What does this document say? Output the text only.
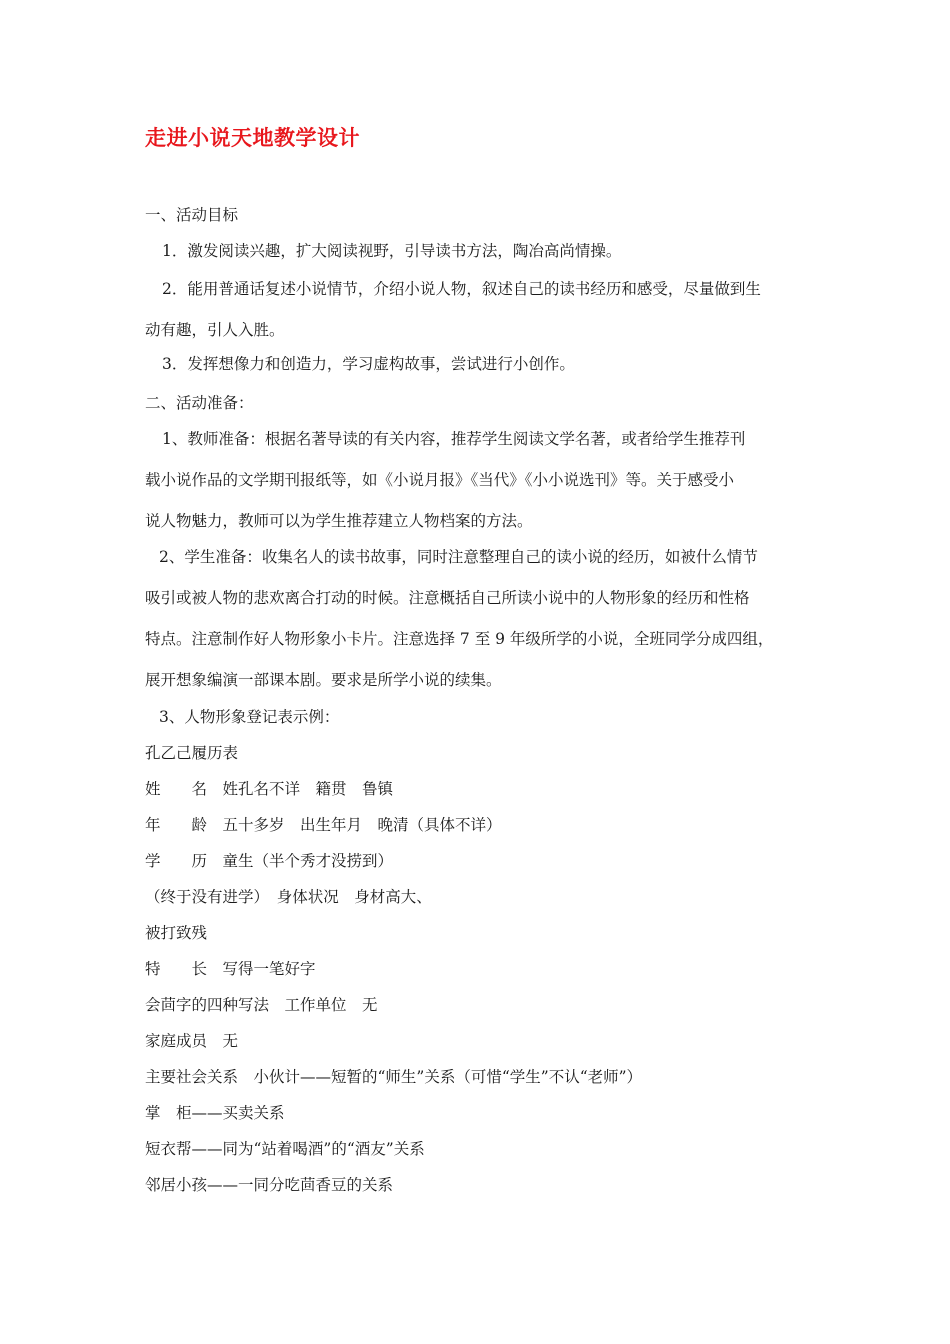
走进小说天地教学设计
一、活动目标
1．激发阅读兴趣，扩大阅读视野，引导读书方法，陶冶高尚情操。
2．能用普通话复述小说情节，介绍小说人物，叙述自己的读书经历和感受，尽量做到生
动有趣，引人入胜。
3．发挥想像力和创造力，学习虚构故事，尝试进行小创作。
二、活动准备：
1、教师准备：根据名著导读的有关内容，推荐学生阅读文学名著，或者给学生推荐刊
载小说作品的文学期刊报纸等，如《小说月报》《当代》《小小说选刊》等。关于感受小
说人物魅力，教师可以为学生推荐建立人物档案的方法。
2、学生准备：收集名人的读书故事，同时注意整理自己的读小说的经历，如被什么情节
吸引或被人物的悲欢离合打动的时候。注意概括自己所读小说中的人物形象的经历和性格
特点。注意制作好人物形象小卡片。注意选择 7 至 9 年级所学的小说，全班同学分成四组，
展开想象编演一部课本剧。要求是所学小说的续集。
3、人物形象登记表示例：
孔乙己履历表
姓　　名　姓孔名不详　籍贯　鲁镇
年　　龄　五十多岁　出生年月　晚清（具体不详）
学　　历　童生（半个秀才没捞到）
（终于没有进学）　身体状况　身材高大、
被打致残
特　　长　写得一笔好字
会茴字的四种写法　工作单位　无
家庭成员　无
主要社会关系　小伙计——短暂的“师生”关系（可惜“学生”不认“老师”）
掌　柜——买卖关系
短衣帮——同为“站着喝酒”的“酒友”关系
邻居小孩——一同分吃茴香豆的关系
